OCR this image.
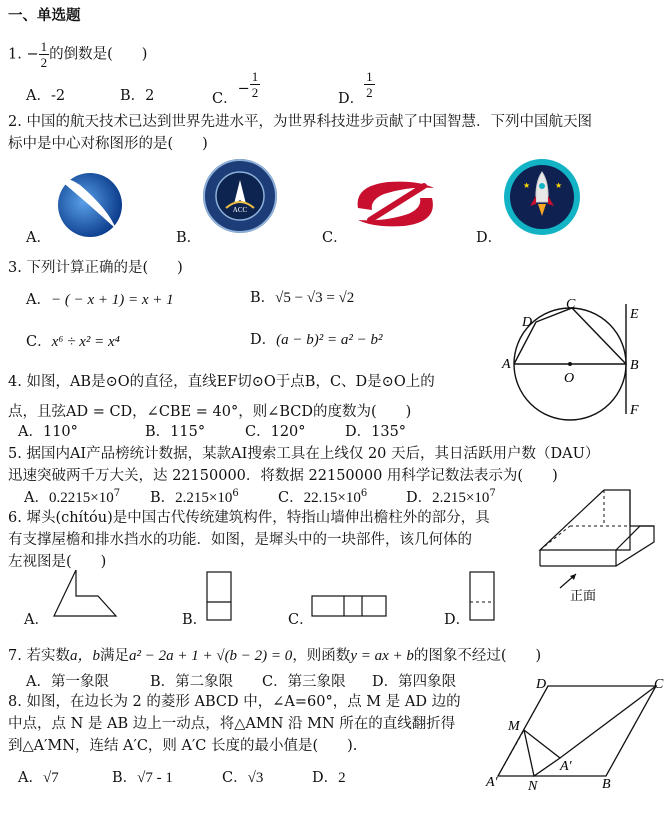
一、单选题
1. − $\frac{1}{2}$ 的倒数是(　　)
A．-2	B．2	C．− $\frac{1}{2}$	D． $\frac{1}{2}$
2. 中国的航天技术已达到世界先进水平，为世界科技进步贡献了中国智慧．下列中国航天图
标中是中心对称图形的是(　　)
A．	B．
ACC
C．	D．
★	★
3. 下列计算正确的是(　　)
A．− ( − x + 1) = x + 1	B．√5 − √3 = √2
C．x⁶ ÷ x² = x⁴	D．(a − b)² = a² − b²
A	B
C
D
E
F
O
4. 如图，AB是⊙O的直径，直线EF切⊙O于点B，C、D是⊙O上的
点，且弦AD = CD，∠CBE = 40°，则∠BCD的度数为(　　)
A．110°	B．115°	C．120°	D．135°
5. 据国内AI产品榜统计数据，某款AI搜索工具在上线仅 20 天后，其日活跃用户数（DAU）
迅速突破两千万大关，达 22150000．将数据 22150000 用科学记数法表示为(　　)
A．$0.2215\times 10^7$ B．$2.215\times 10^6$	C．$22.15\times 10^6$	D．$2.215\times 10^7$
正面
6. 墀头(chítóu)是中国古代传统建筑构件，特指山墙伸出檐柱外的部分，具
有支撑屋檐和排水挡水的功能．如图，是墀头中的一块部件，该几何体的
左视图是(　　)
A．	B．	C．	D．
7. 若实数a，b满足a² − 2a + 1 + √(b − 2) = 0，则函数y = ax + b的图象不经过(　　)
A．第一象限	B．第二象限 C．第三象限 D．第四象限
A′	B
C
D
M
N
A′
8. 如图，在边长为 2 的菱形 ABCD 中，∠A=60°，点 M 是 AD 边的
中点，点 N 是 AB 边上一动点，将△AMN 沿 MN 所在的直线翻折得
到△A′MN，连结 A′C，则 A′C 长度的最小值是(　　).
A．√7	B．√7 - 1	C．√3	D．2
